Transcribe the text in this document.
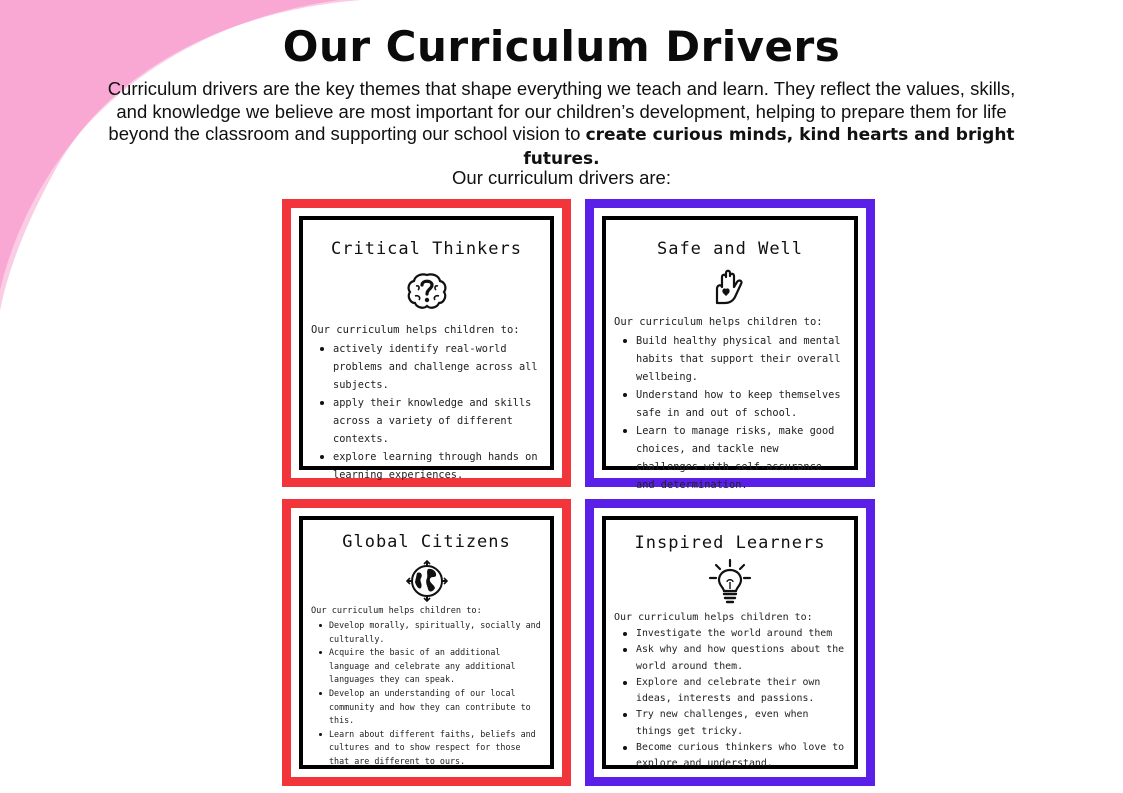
Our Curriculum Drivers
Curriculum drivers are the key themes that shape everything we teach and learn. They reflect the values, skills, and knowledge we believe are most important for our children’s development, helping to prepare them for life beyond the classroom and supporting our school vision to create curious minds, kind hearts and bright futures.
Our curriculum drivers are:
Critical Thinkers
Our curriculum helps children to:
actively identify real-world problems and challenge across all subjects.
apply their knowledge and skills across a variety of different contexts.
explore learning through hands on learning experiences.
Safe and Well
Our curriculum helps children to:
Build healthy physical and mental habits that support their overall wellbeing.
Understand how to keep themselves safe in and out of school.
Learn to manage risks, make good choices, and tackle new challenges with self-assurance and determination.
Global Citizens
Our curriculum helps children to:
Develop morally, spiritually, socially and culturally.
Acquire the basic of an additional language and celebrate any additional languages they can speak.
Develop an understanding of our local community and how they can contribute to this.
Learn about different faiths, beliefs and cultures and to show respect for those that are different to ours.
Inspired Learners
Our curriculum helps children to:
Investigate the world around them
Ask why and how questions about the world around them.
Explore and celebrate their own ideas, interests and passions.
Try new challenges, even when things get tricky.
Become curious thinkers who love to explore and understand.
